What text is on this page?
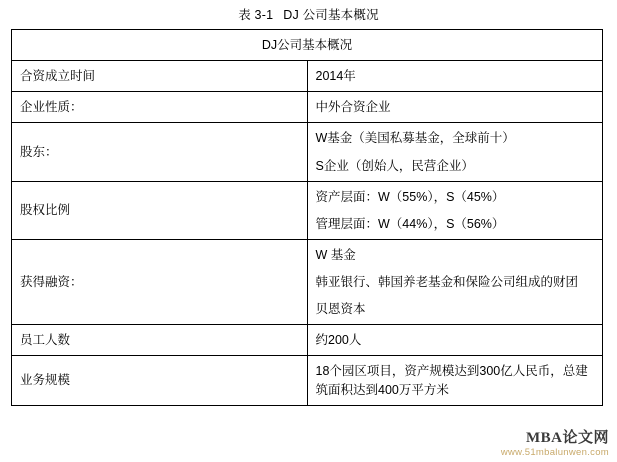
表 3-1 DJ 公司基本概况
DJ公司基本概况	
合资成立时间	2014年

企业性质：	中外合资企业

股东：	W基金（美国私募基金，全球前十）
S企业（创始人，民营企业）

股权比例	资产层面：W（55%），S（45%）
管理层面：W（44%），S（56%）

获得融资：	W 基金
韩亚银行、韩国养老基金和保险公司组成的财团
贝恩资本

员工人数	约200人

业务规模	18个园区项目，资产规模达到300亿人民币，总建筑面积达到400万平方米
MBA论文网
www.51mbalunwen.com
